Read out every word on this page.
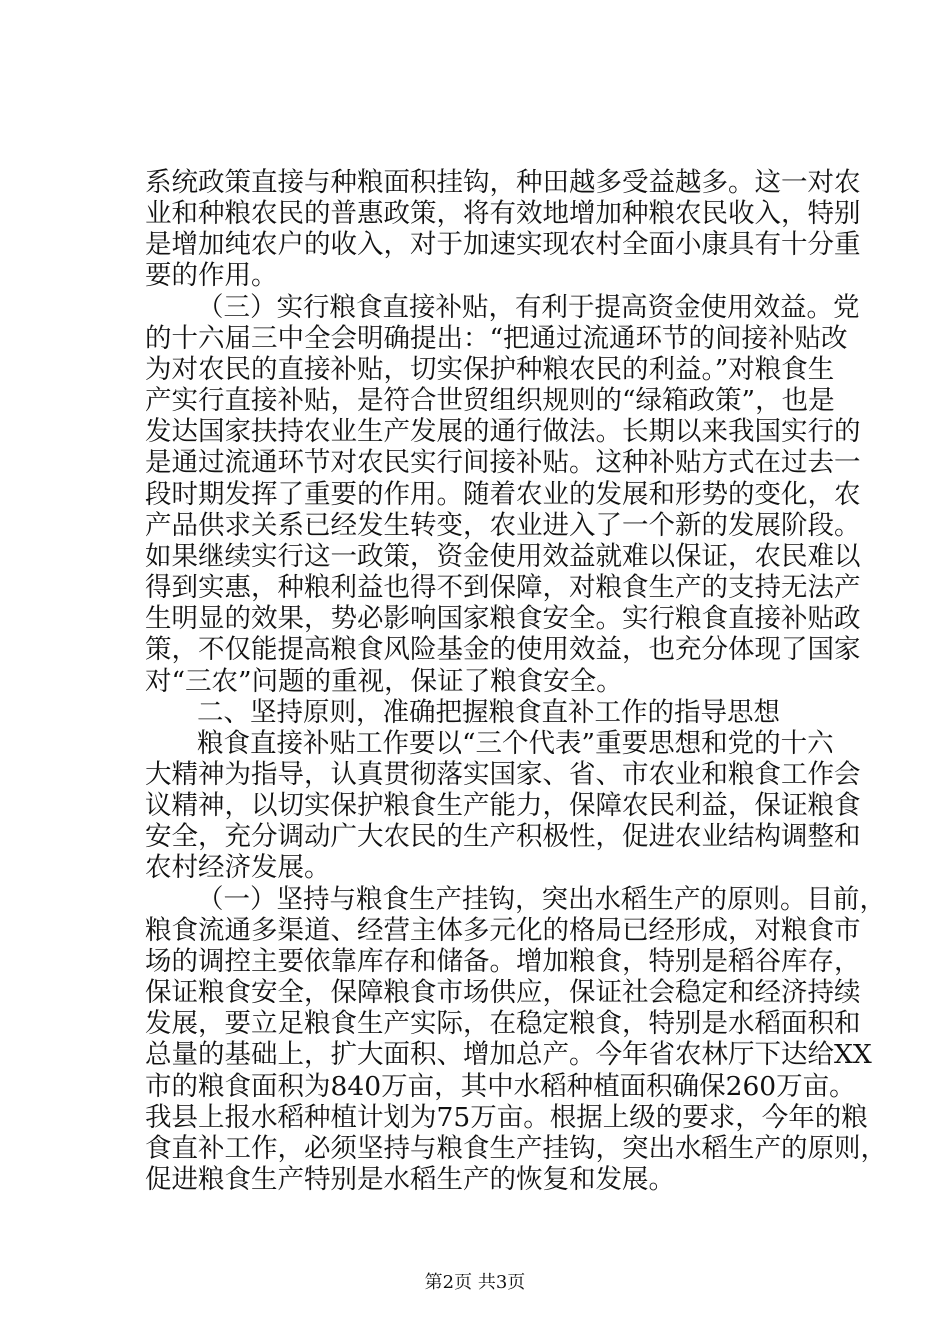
系统政策直接与种粮面积挂钩，种田越多受益越多。这一对农
业和种粮农民的普惠政策，将有效地增加种粮农民收入，特别
是增加纯农户的收入，对于加速实现农村全面小康具有十分重
要的作用。
（三）实行粮食直接补贴，有利于提高资金使用效益。党
的十六届三中全会明确提出：“把通过流通环节的间接补贴改
为对农民的直接补贴，切实保护种粮农民的利益。”对粮食生
产实行直接补贴，是符合世贸组织规则的“绿箱政策”，也是
发达国家扶持农业生产发展的通行做法。长期以来我国实行的
是通过流通环节对农民实行间接补贴。这种补贴方式在过去一
段时期发挥了重要的作用。随着农业的发展和形势的变化，农
产品供求关系已经发生转变，农业进入了一个新的发展阶段。
如果继续实行这一政策，资金使用效益就难以保证，农民难以
得到实惠，种粮利益也得不到保障，对粮食生产的支持无法产
生明显的效果，势必影响国家粮食安全。实行粮食直接补贴政
策，不仅能提高粮食风险基金的使用效益，也充分体现了国家
对“三农”问题的重视，保证了粮食安全。
二、坚持原则，准确把握粮食直补工作的指导思想
粮食直接补贴工作要以“三个代表”重要思想和党的十六
大精神为指导，认真贯彻落实国家、省、市农业和粮食工作会
议精神，以切实保护粮食生产能力，保障农民利益，保证粮食
安全，充分调动广大农民的生产积极性，促进农业结构调整和
农村经济发展。
（一）坚持与粮食生产挂钩，突出水稻生产的原则。目前，
粮食流通多渠道、经营主体多元化的格局已经形成，对粮食市
场的调控主要依靠库存和储备。增加粮食，特别是稻谷库存，
保证粮食安全，保障粮食市场供应，保证社会稳定和经济持续
发展，要立足粮食生产实际，在稳定粮食，特别是水稻面积和
总量的基础上，扩大面积、增加总产。今年省农林厅下达给XX
市的粮食面积为840万亩，其中水稻种植面积确保260万亩。
我县上报水稻种植计划为75万亩。根据上级的要求，今年的粮
食直补工作，必须坚持与粮食生产挂钩，突出水稻生产的原则，
促进粮食生产特别是水稻生产的恢复和发展。
第2页 共3页
